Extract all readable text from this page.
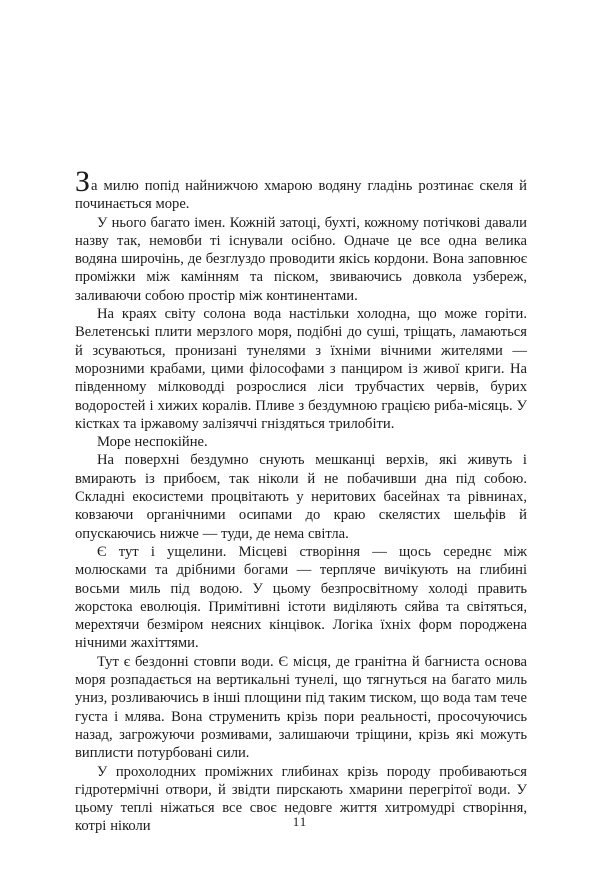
За милю попід найнижчою хмарою водяну гладінь розтинає скеля й починається море.

У нього багато імен. Кожній затоці, бухті, кожному потічкові давали назву так, немовби ті існували осібно. Одначе це все одна велика водяна широчінь, де безглуздо проводити якісь кордони. Вона заповнює проміжки між камінням та піском, звиваючись довкола узбереж, заливаючи собою простір між континентами.

На краях світу солона вода настільки холодна, що може горіти. Велетенські плити мерзлого моря, подібні до суші, тріщать, ламаються й зсуваються, пронизані тунелями з їхніми вічними жителями — морозними крабами, цими філософами з панциром із живої криги. На південному мілководді розрослися ліси трубчастих червів, бурих водоростей і хижих коралів. Пливе з бездумною грацією риба-місяць. У кістках та іржавому залізяччі гніздяться трилобіти.

Море неспокійне.

На поверхні бездумно снують мешканці верхів, які живуть і вмирають із прибоєм, так ніколи й не побачивши дна під собою. Складні екосистеми процвітають у неритових басейнах та рівнинах, ковзаючи органічними осипами до краю скелястих шельфів й опускаючись нижче — туди, де нема світла.

Є тут і ущелини. Місцеві створіння — щось середнє між молюсками та дрібними богами — терпляче вичікують на глибині восьми миль під водою. У цьому безпросвітному холоді править жорстока еволюція. Примітивні істоти виділяють сяйва та світяться, мерехтячи безміром неясних кінцівок. Логіка їхніх форм породжена нічними жахіттями.

Тут є бездонні стовпи води. Є місця, де гранітна й багниста основа моря розпадається на вертикальні тунелі, що тягнуться на багато миль униз, розливаючись в інші площини під таким тиском, що вода там тече густа і млява. Вона струменить крізь пори реальності, просочуючись назад, загрожуючи розмивами, залишаючи тріщини, крізь які можуть виплисти потурбовані сили.

У прохолодних проміжних глибинах крізь породу пробиваються гідротермічні отвори, й звідти пирскають хмарини перегрітої води. У цьому теплі ніжаться все своє недовге життя хитромудрі створіння, котрі ніколи	11
